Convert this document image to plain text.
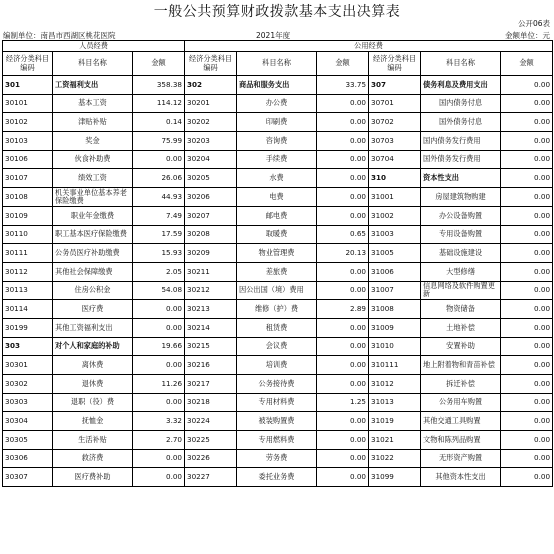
一般公共预算财政拨款基本支出决算表
公开06表
编制单位：南昌市西湖区桃花医院	2021年度	金额单位：元
人员经费			公用经费					
经济分类科目编码	科目名称	金额	经济分类科目编码	科目名称	金额	经济分类科目编码	科目名称	金额
301	工资福利支出	358.38	302	商品和服务支出	33.75	307	债务利息及费用支出	0.00
30101	基本工资	114.12	30201	办公费	0.00	30701	国内债务付息	0.00
30102	津贴补贴	0.14	30202	印刷费	0.00	30702	国外债务付息	0.00
30103	奖金	75.99	30203	咨询费	0.00	30703	国内债务发行费用	0.00
30106	伙食补助费	0.00	30204	手续费	0.00	30704	国外债务发行费用	0.00
30107	绩效工资	26.06	30205	水费	0.00	310	资本性支出	0.00
30108	机关事业单位基本养老保险缴费	44.93	30206	电费	0.00	31001	房屋建筑物购建	0.00
30109	职业年金缴费	7.49	30207	邮电费	0.00	31002	办公设备购置	0.00
30110	职工基本医疗保险缴费	17.59	30208	取暖费	0.65	31003	专用设备购置	0.00
30111	公务员医疗补助缴费	15.93	30209	物业管理费	20.13	31005	基础设施建设	0.00
30112	其他社会保障缴费	2.05	30211	差旅费	0.00	31006	大型修缮	0.00
30113	住房公积金	54.08	30212	因公出国（境）费用	0.00	31007	信息网络及软件购置更新	0.00
30114	医疗费	0.00	30213	维修（护）费	2.89	31008	物资储备	0.00
30199	其他工资福利支出	0.00	30214	租赁费	0.00	31009	土地补偿	0.00
303	对个人和家庭的补助	19.66	30215	会议费	0.00	31010	安置补助	0.00
30301	离休费	0.00	30216	培训费	0.00	310111	地上附着物和青苗补偿	0.00
30302	退休费	11.26	30217	公务接待费	0.00	31012	拆迁补偿	0.00
30303	退职（役）费	0.00	30218	专用材料费	1.25	31013	公务用车购置	0.00
30304	抚恤金	3.32	30224	被装购置费	0.00	31019	其他交通工具购置	0.00
30305	生活补贴	2.70	30225	专用燃料费	0.00	31021	文物和陈列品购置	0.00
30306	救济费	0.00	30226	劳务费	0.00	31022	无形资产购置	0.00
30307	医疗费补助	0.00	30227	委托业务费	0.00	31099	其他资本性支出	0.00
